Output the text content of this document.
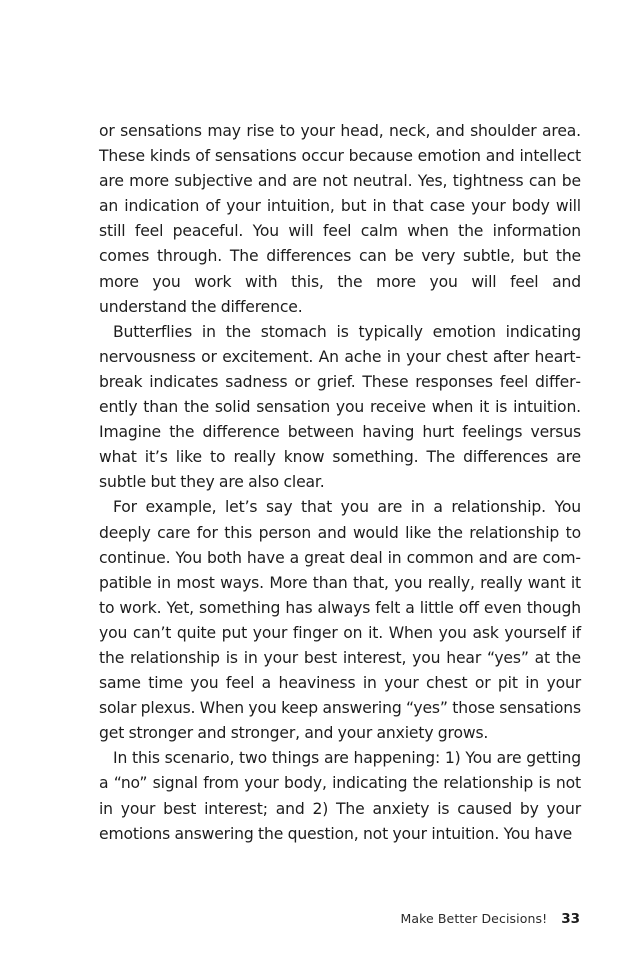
or sensations may rise to your head, neck, and shoulder area. These kinds of sensations occur because emotion and intellect are more subjective and are not neutral. Yes, tightness can be an indication of your intuition, but in that case your body will still feel peaceful. You will feel calm when the information comes through. The differences can be very subtle, but the more you work with this, the more you will feel and understand the difference.

Butterflies in the stomach is typically emotion indicating nervousness or excitement. An ache in your chest after heartbreak indicates sadness or grief. These responses feel differently than the solid sensation you receive when it is intuition. Imagine the difference between having hurt feelings versus what it’s like to really know something. The differences are subtle but they are also clear.

For example, let’s say that you are in a relationship. You deeply care for this person and would like the relationship to continue. You both have a great deal in common and are compatible in most ways. More than that, you really, really want it to work. Yet, something has always felt a little off even though you can’t quite put your finger on it. When you ask yourself if the relationship is in your best interest, you hear “yes” at the same time you feel a heaviness in your chest or pit in your solar plexus. When you keep answering “yes” those sensations get stronger and stronger, and your anxiety grows.

In this scenario, two things are happening: 1) You are getting a “no” signal from your body, indicating the relationship is not in your best interest; and 2) The anxiety is caused by your emotions answering the question, not your intuition. You have

Make Better Decisions! 33
